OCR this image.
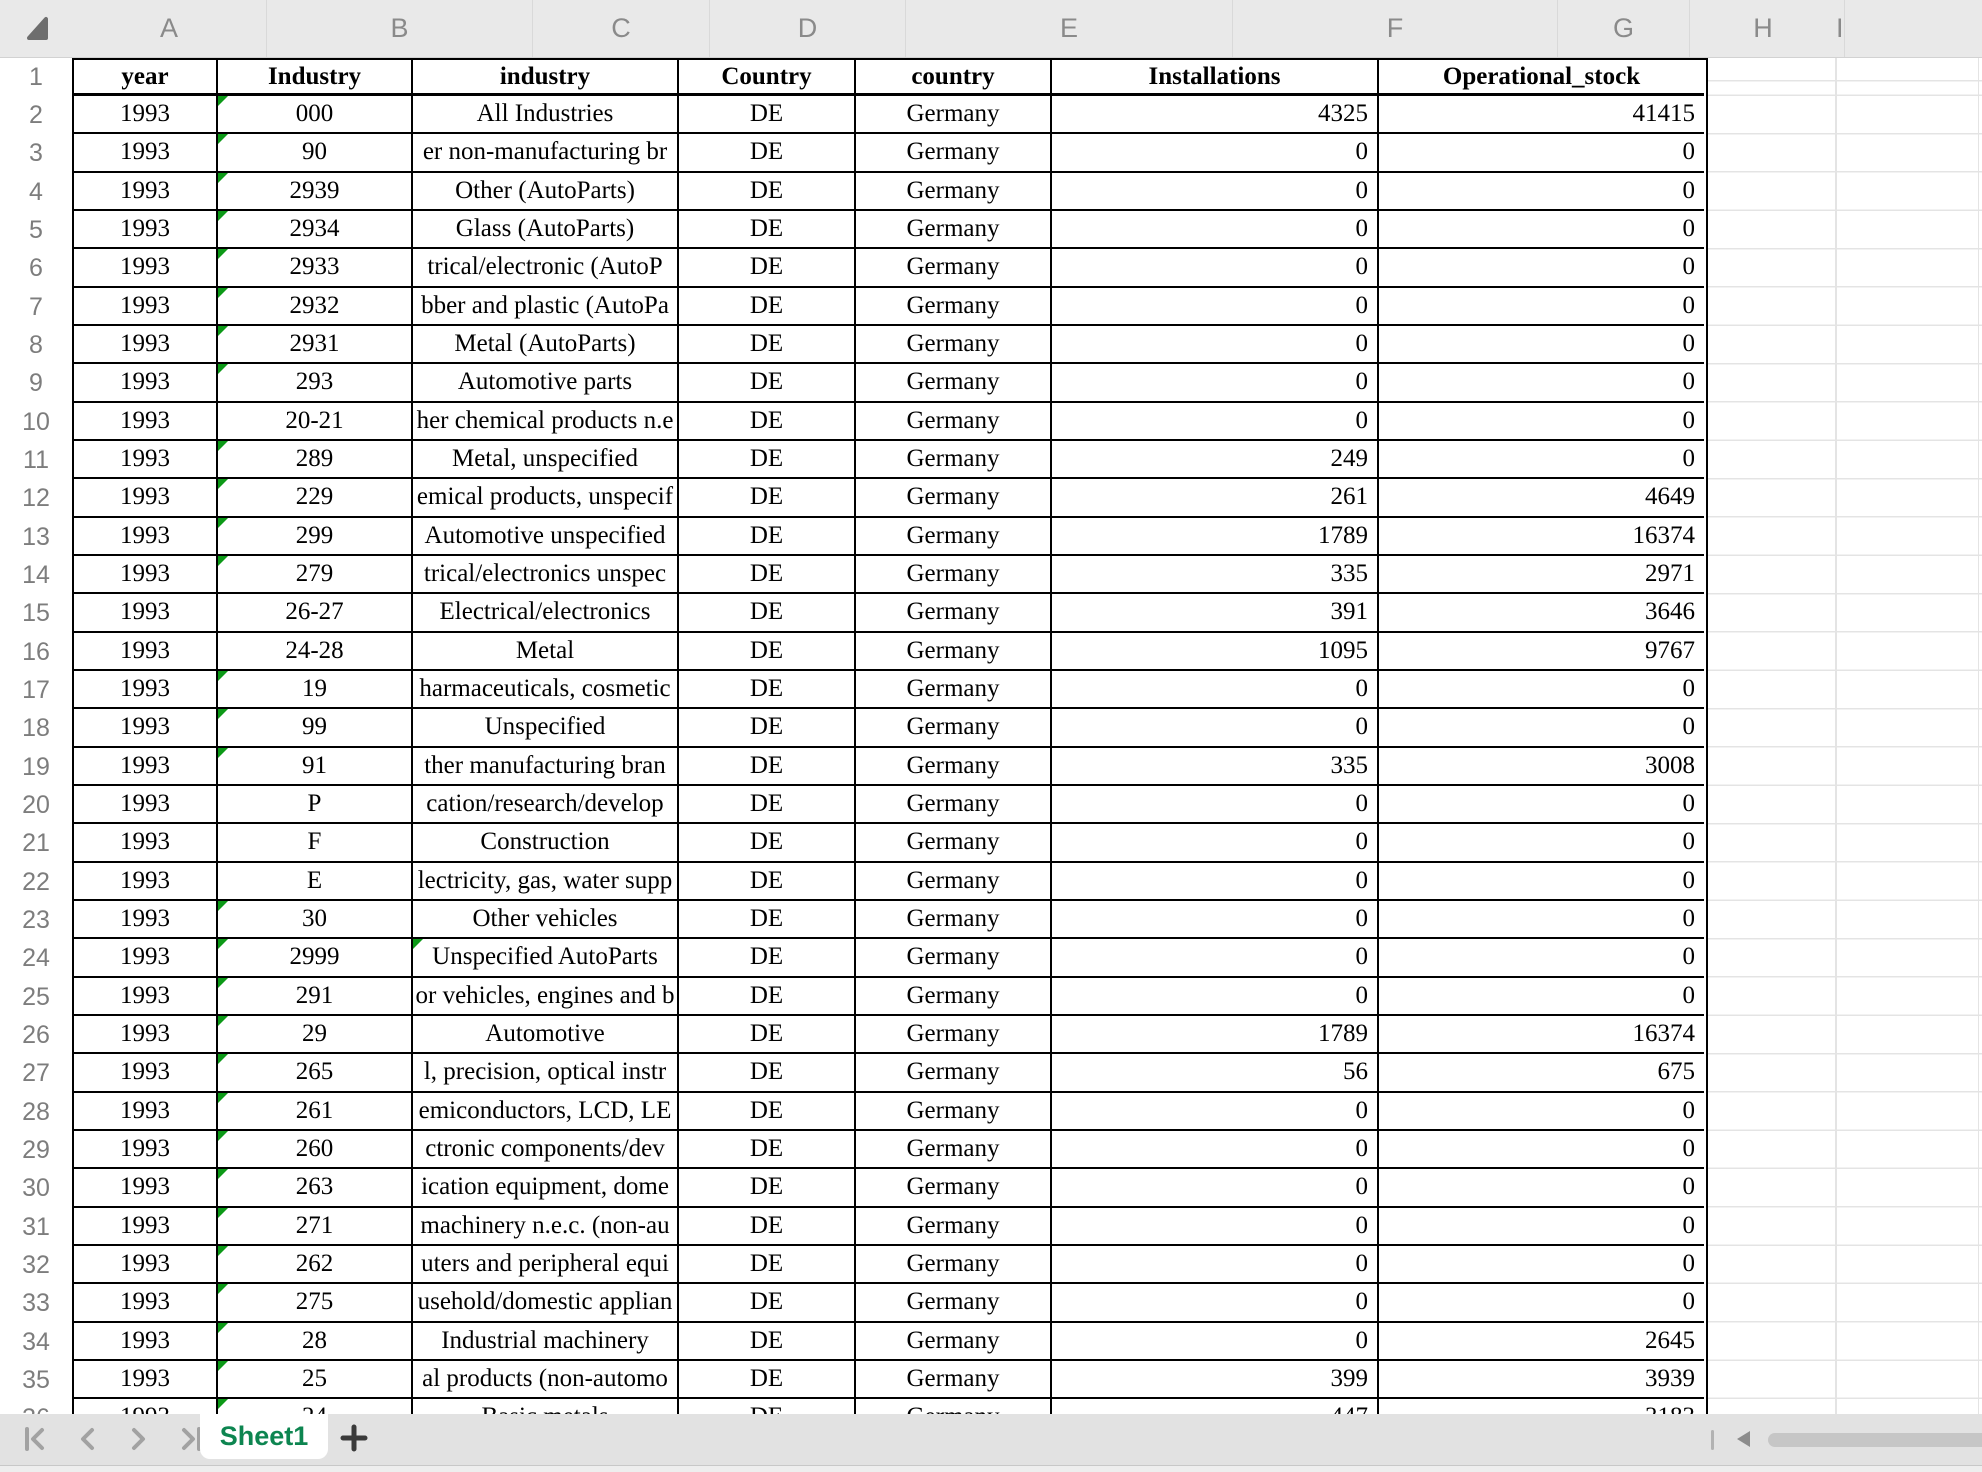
A	B	C	D	E	F	G	H	I
1
2
3
4
5
6
7
8
9
10
11
12
13
14
15
16
17
18
19
20
21
22
23
24
25
26
27
28
29
30
31
32
33
34
35
year	Industry	industry	Country	country	Installations	Operational_stock
1993	000	All Industries	DE	Germany	4325	41415
1993	90	er non-manufacturing br	DE	Germany	0	0
1993	2939	Other (AutoParts)	DE	Germany	0	0
1993	2934	Glass (AutoParts)	DE	Germany	0	0
1993	2933	trical/electronic (AutoP	DE	Germany	0	0
1993	2932	bber and plastic (AutoPa	DE	Germany	0	0
1993	2931	Metal (AutoParts)	DE	Germany	0	0
1993	293	Automotive parts	DE	Germany	0	0
1993	20-21	her chemical products n.e	DE	Germany	0	0
1993	289	Metal, unspecified	DE	Germany	249	0
1993	229	emical products, unspecif	DE	Germany	261	4649
1993	299	Automotive unspecified	DE	Germany	1789	16374
1993	279	trical/electronics unspec	DE	Germany	335	2971
1993	26-27	Electrical/electronics	DE	Germany	391	3646
1993	24-28	Metal	DE	Germany	1095	9767
1993	19	harmaceuticals, cosmetic	DE	Germany	0	0
1993	99	Unspecified	DE	Germany	0	0
1993	91	ther manufacturing bran	DE	Germany	335	3008
1993	P	cation/research/develop	DE	Germany	0	0
1993	F	Construction	DE	Germany	0	0
1993	E	lectricity, gas, water supp	DE	Germany	0	0
1993	30	Other vehicles	DE	Germany	0	0
1993	2999	Unspecified AutoParts	DE	Germany	0	0
1993	291	or vehicles, engines and b	DE	Germany	0	0
1993	29	Automotive	DE	Germany	1789	16374
1993	265	l, precision, optical instr	DE	Germany	56	675
1993	261	emiconductors, LCD, LE	DE	Germany	0	0
1993	260	ctronic components/dev	DE	Germany	0	0
1993	263	ication equipment, dome	DE	Germany	0	0
1993	271	machinery n.e.c. (non-au	DE	Germany	0	0
1993	262	uters and peripheral equi	DE	Germany	0	0
1993	275	usehold/domestic applian	DE	Germany	0	0
1993	28	Industrial machinery	DE	Germany	0	2645
1993	25	al products (non-automo	DE	Germany	399	3939
Sheet1
